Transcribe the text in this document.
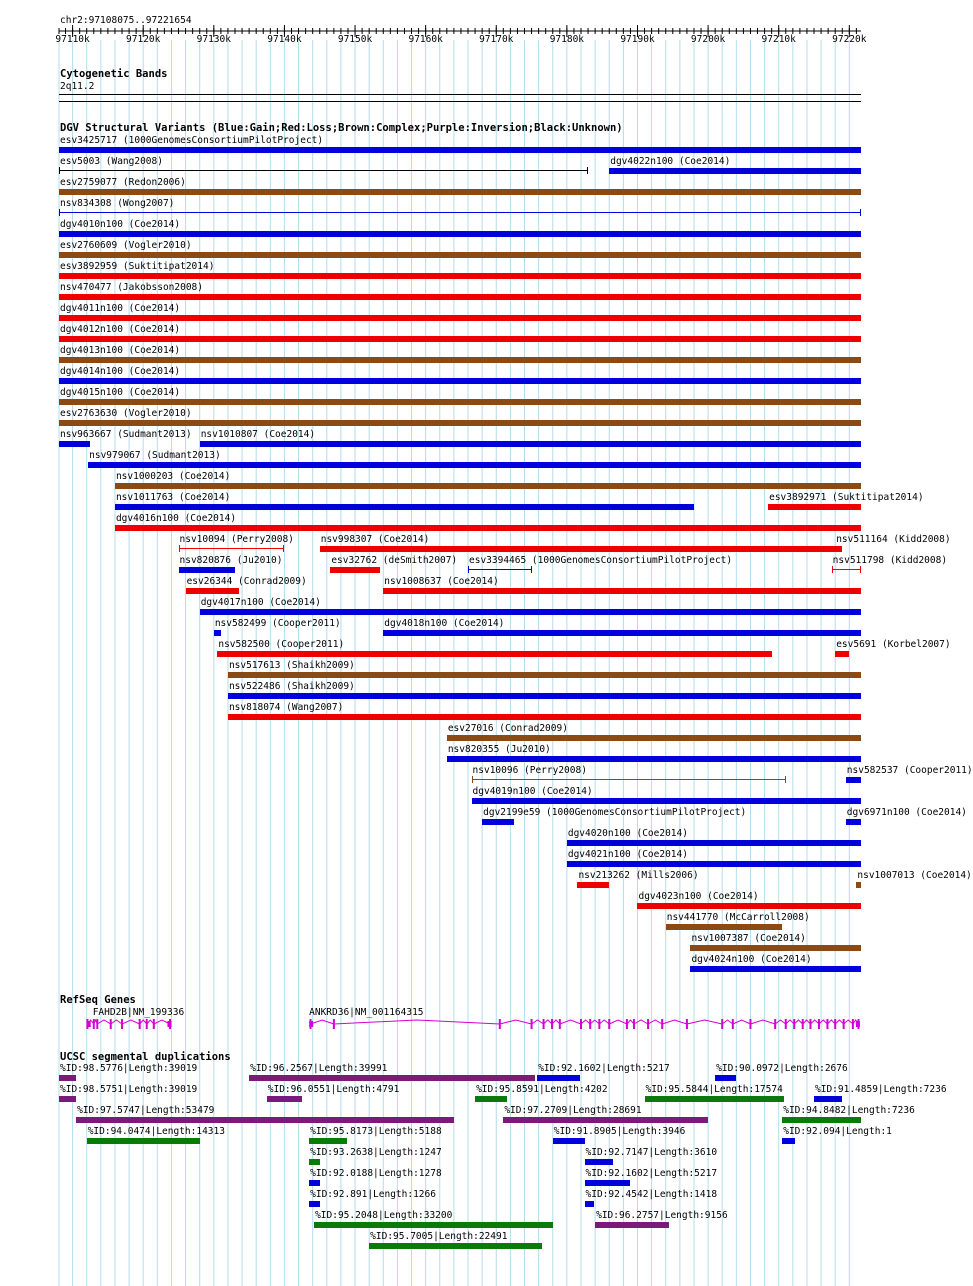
chr2:97108075..97221654
97110k	97120k	97130k	97140k	97150k	97160k	97170k	97180k	97190k	97200k	97210k	97220k
Cytogenetic Bands
2q11.2
DGV Structural Variants (Blue:Gain;Red:Loss;Brown:Complex;Purple:Inversion;Black:Unknown)
esv3425717 (1000GenomesConsortiumPilotProject)
esv5003 (Wang2008)	dgv4022n100 (Coe2014)
esv2759077 (Redon2006)
nsv834308 (Wong2007)
dgv4010n100 (Coe2014)
esv2760609 (Vogler2010)
esv3892959 (Suktitipat2014)
nsv470477 (Jakobsson2008)
dgv4011n100 (Coe2014)
dgv4012n100 (Coe2014)
dgv4013n100 (Coe2014)
dgv4014n100 (Coe2014)
dgv4015n100 (Coe2014)
esv2763630 (Vogler2010)
nsv963667 (Sudmant2013) nsv1010807 (Coe2014)
nsv979067 (Sudmant2013)
nsv1000203 (Coe2014)
nsv1011763 (Coe2014)	esv3892971 (Suktitipat2014)
dgv4016n100 (Coe2014)
nsv10094 (Perry2008)	nsv998307 (Coe2014)	nsv511164 (Kidd2008)
nsv820876 (Ju2010)	esv32762 (deSmith2007) esv3394465 (1000GenomesConsortiumPilotProject)	nsv511798 (Kidd2008)
esv26344 (Conrad2009)	nsv1008637 (Coe2014)
dgv4017n100 (Coe2014)
nsv582499 (Cooper2011)	dgv4018n100 (Coe2014)
nsv582500 (Cooper2011)	esv5691 (Korbel2007)
nsv517613 (Shaikh2009)
nsv522486 (Shaikh2009)
nsv818074 (Wang2007)
esv27016 (Conrad2009)
nsv820355 (Ju2010)
nsv10096 (Perry2008)	nsv582537 (Cooper2011)
dgv4019n100 (Coe2014)
dgv2199e59 (1000GenomesConsortiumPilotProject)	dgv6971n100 (Coe2014)
dgv4020n100 (Coe2014)
dgv4021n100 (Coe2014)
nsv213262 (Mills2006)	nsv1007013 (Coe2014)
dgv4023n100 (Coe2014)
nsv441770 (McCarroll2008)
nsv1007387 (Coe2014)
dgv4024n100 (Coe2014)
RefSeq Genes
FAHD2B|NM_199336	ANKRD36|NM_001164315
UCSC segmental duplications
%ID:98.5776|Length:39019	%ID:96.2567|Length:39991	%ID:92.1602|Length:5217	%ID:90.0972|Length:2676
%ID:98.5751|Length:39019	%ID:96.0551|Length:4791	%ID:95.8591|Length:4202	%ID:95.5844|Length:17574	%ID:91.4859|Length:7236
%ID:97.5747|Length:53479	%ID:97.2709|Length:28691	%ID:94.8482|Length:7236
%ID:94.0474|Length:14313	%ID:95.8173|Length:5188	%ID:91.8905|Length:3946	%ID:92.094|Length:1
%ID:93.2638|Length:1247	%ID:92.7147|Length:3610
%ID:92.0188|Length:1278	%ID:92.1602|Length:5217
%ID:92.891|Length:1266	%ID:92.4542|Length:1418
%ID:95.2048|Length:33200	%ID:96.2757|Length:9156
%ID:95.7005|Length:22491
